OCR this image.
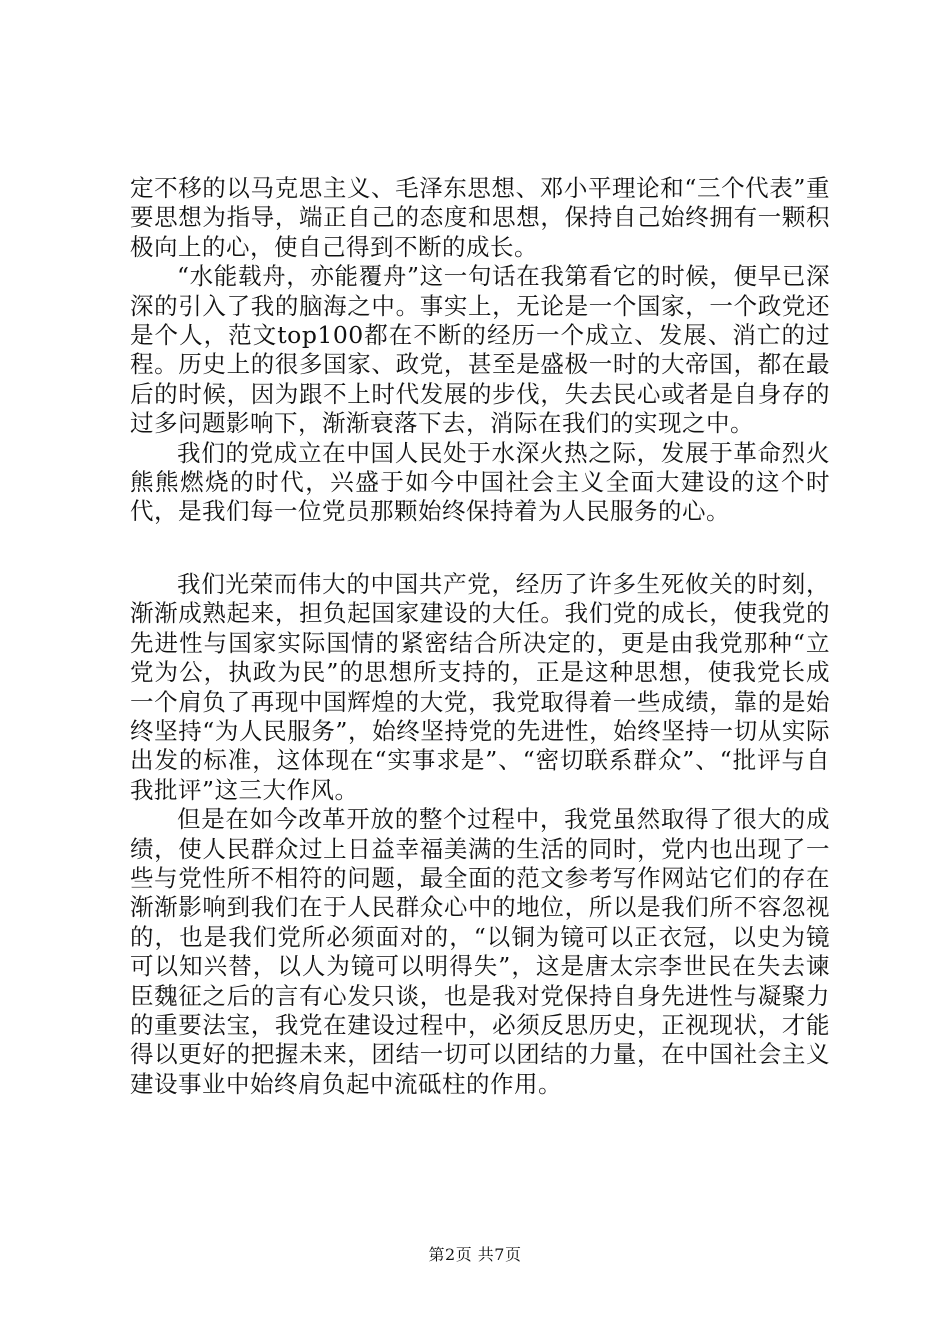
定不移的以马克思主义、毛泽东思想、邓小平理论和“三个代表”重要思想为指导，端正自己的态度和思想，保持自己始终拥有一颗积极向上的心，使自己得到不断的成长。

“水能载舟，亦能覆舟”这一句话在我第看它的时候，便早已深深的引入了我的脑海之中。事实上，无论是一个国家，一个政党还是个人，范文top100都在不断的经历一个成立、发展、消亡的过程。历史上的很多国家、政党，甚至是盛极一时的大帝国，都在最后的时候，因为跟不上时代发展的步伐，失去民心或者是自身存的过多问题影响下，渐渐衰落下去，消际在我们的实现之中。

我们的党成立在中国人民处于水深火热之际，发展于革命烈火熊熊燃烧的时代，兴盛于如今中国社会主义全面大建设的这个时代，是我们每一位党员那颗始终保持着为人民服务的心。

我们光荣而伟大的中国共产党，经历了许多生死攸关的时刻，渐渐成熟起来，担负起国家建设的大任。我们党的成长，使我党的先进性与国家实际国情的紧密结合所决定的，更是由我党那种“立党为公，执政为民”的思想所支持的，正是这种思想，使我党长成一个肩负了再现中国辉煌的大党，我党取得着一些成绩，靠的是始终坚持“为人民服务”，始终坚持党的先进性，始终坚持一切从实际出发的标准，这体现在“实事求是”、“密切联系群众”、“批评与自我批评”这三大作风。

但是在如今改革开放的整个过程中，我党虽然取得了很大的成绩，使人民群众过上日益幸福美满的生活的同时，党内也出现了一些与党性所不相符的问题，最全面的范文参考写作网站它们的存在渐渐影响到我们在于人民群众心中的地位，所以是我们所不容忽视的，也是我们党所必须面对的，“以铜为镜可以正衣冠，以史为镜可以知兴替，以人为镜可以明得失”，这是唐太宗李世民在失去谏臣魏征之后的言有心发只谈，也是我对党保持自身先进性与凝聚力的重要法宝，我党在建设过程中，必须反思历史，正视现状，才能得以更好的把握未来，团结一切可以团结的力量，在中国社会主义建设事业中始终肩负起中流砥柱的作用。

第2页 共7页
